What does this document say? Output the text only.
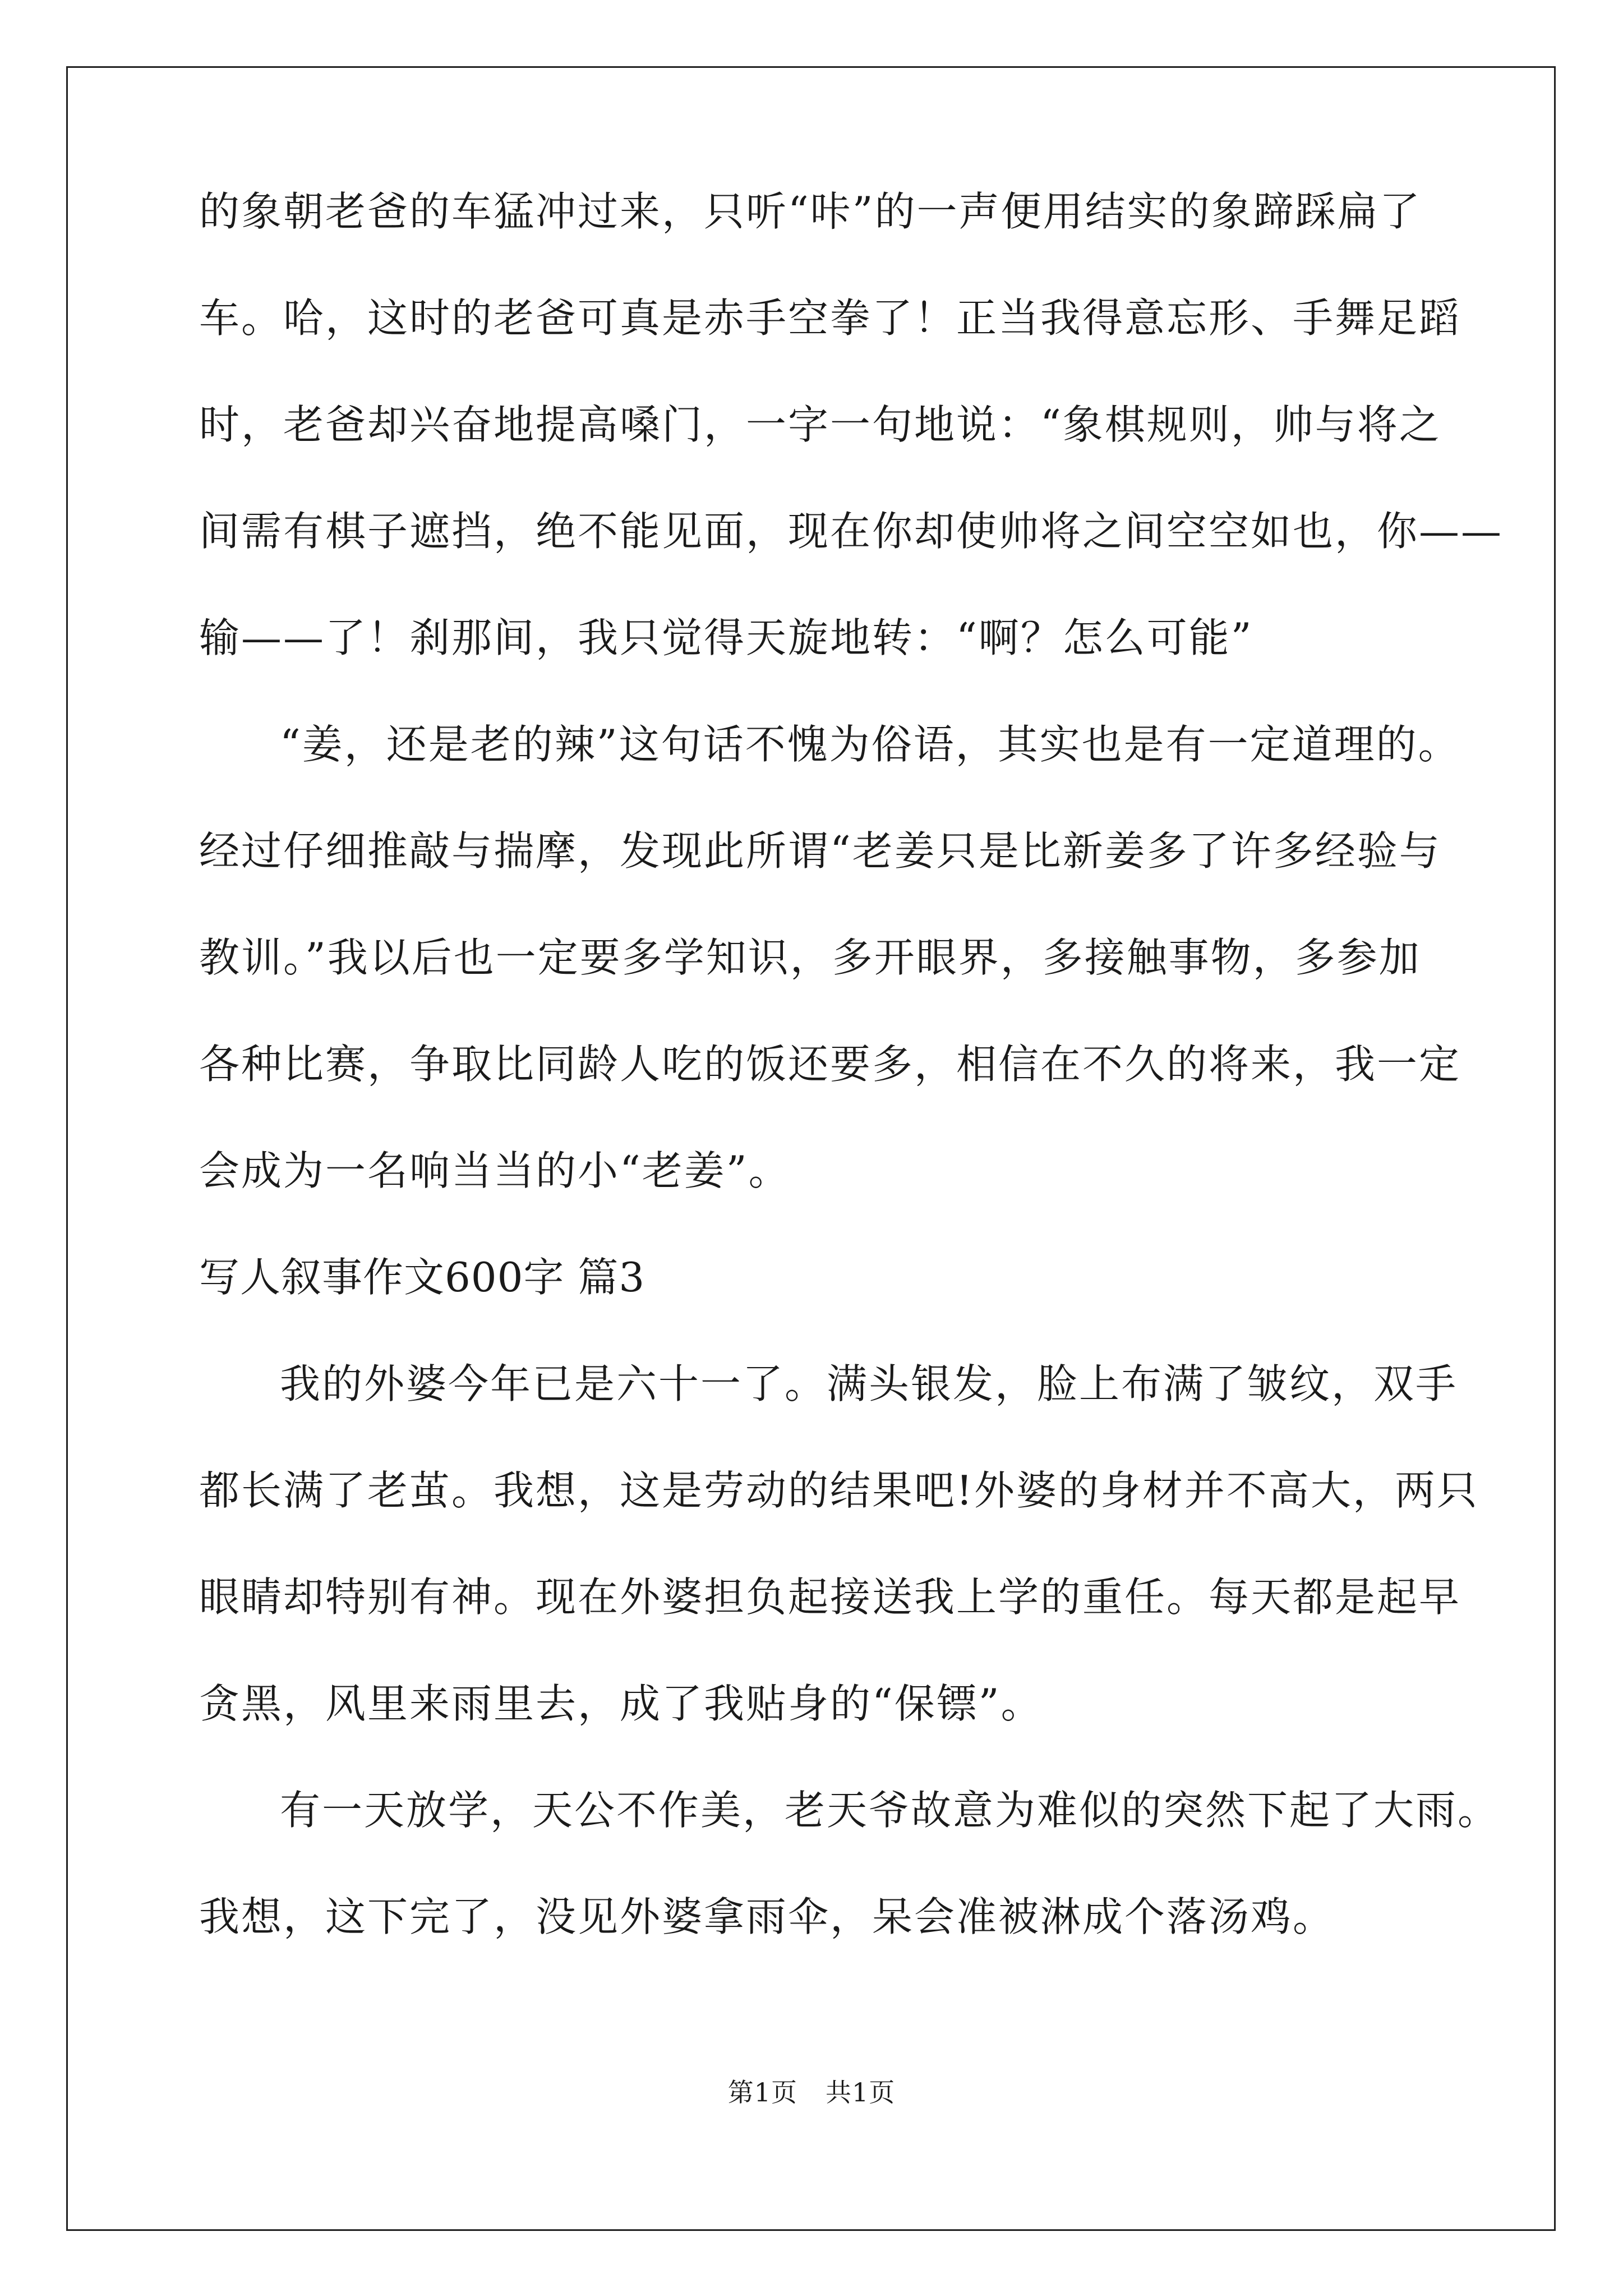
的象朝老爸的车猛冲过来，只听“咔”的一声便用结实的象蹄踩扁了
车。哈，这时的老爸可真是赤手空拳了！正当我得意忘形、手舞足蹈
时，老爸却兴奋地提高嗓门，一字一句地说：“象棋规则，帅与将之
间需有棋子遮挡，绝不能见面，现在你却使帅将之间空空如也，你——
输——了！刹那间，我只觉得天旋地转：“啊？怎么可能”
“姜，还是老的辣”这句话不愧为俗语，其实也是有一定道理的。
经过仔细推敲与揣摩，发现此所谓“老姜只是比新姜多了许多经验与
教训。”我以后也一定要多学知识，多开眼界，多接触事物，多参加
各种比赛，争取比同龄人吃的饭还要多，相信在不久的将来，我一定
会成为一名响当当的小“老姜”。
写人叙事作文600字 篇3
我的外婆今年已是六十一了。满头银发，脸上布满了皱纹，双手
都长满了老茧。我想，这是劳动的结果吧!外婆的身材并不高大，两只
眼睛却特别有神。现在外婆担负起接送我上学的重任。每天都是起早
贪黑，风里来雨里去，成了我贴身的“保镖”。
有一天放学，天公不作美，老天爷故意为难似的突然下起了大雨。
我想，这下完了，没见外婆拿雨伞，呆会准被淋成个落汤鸡。
第1页 共1页
